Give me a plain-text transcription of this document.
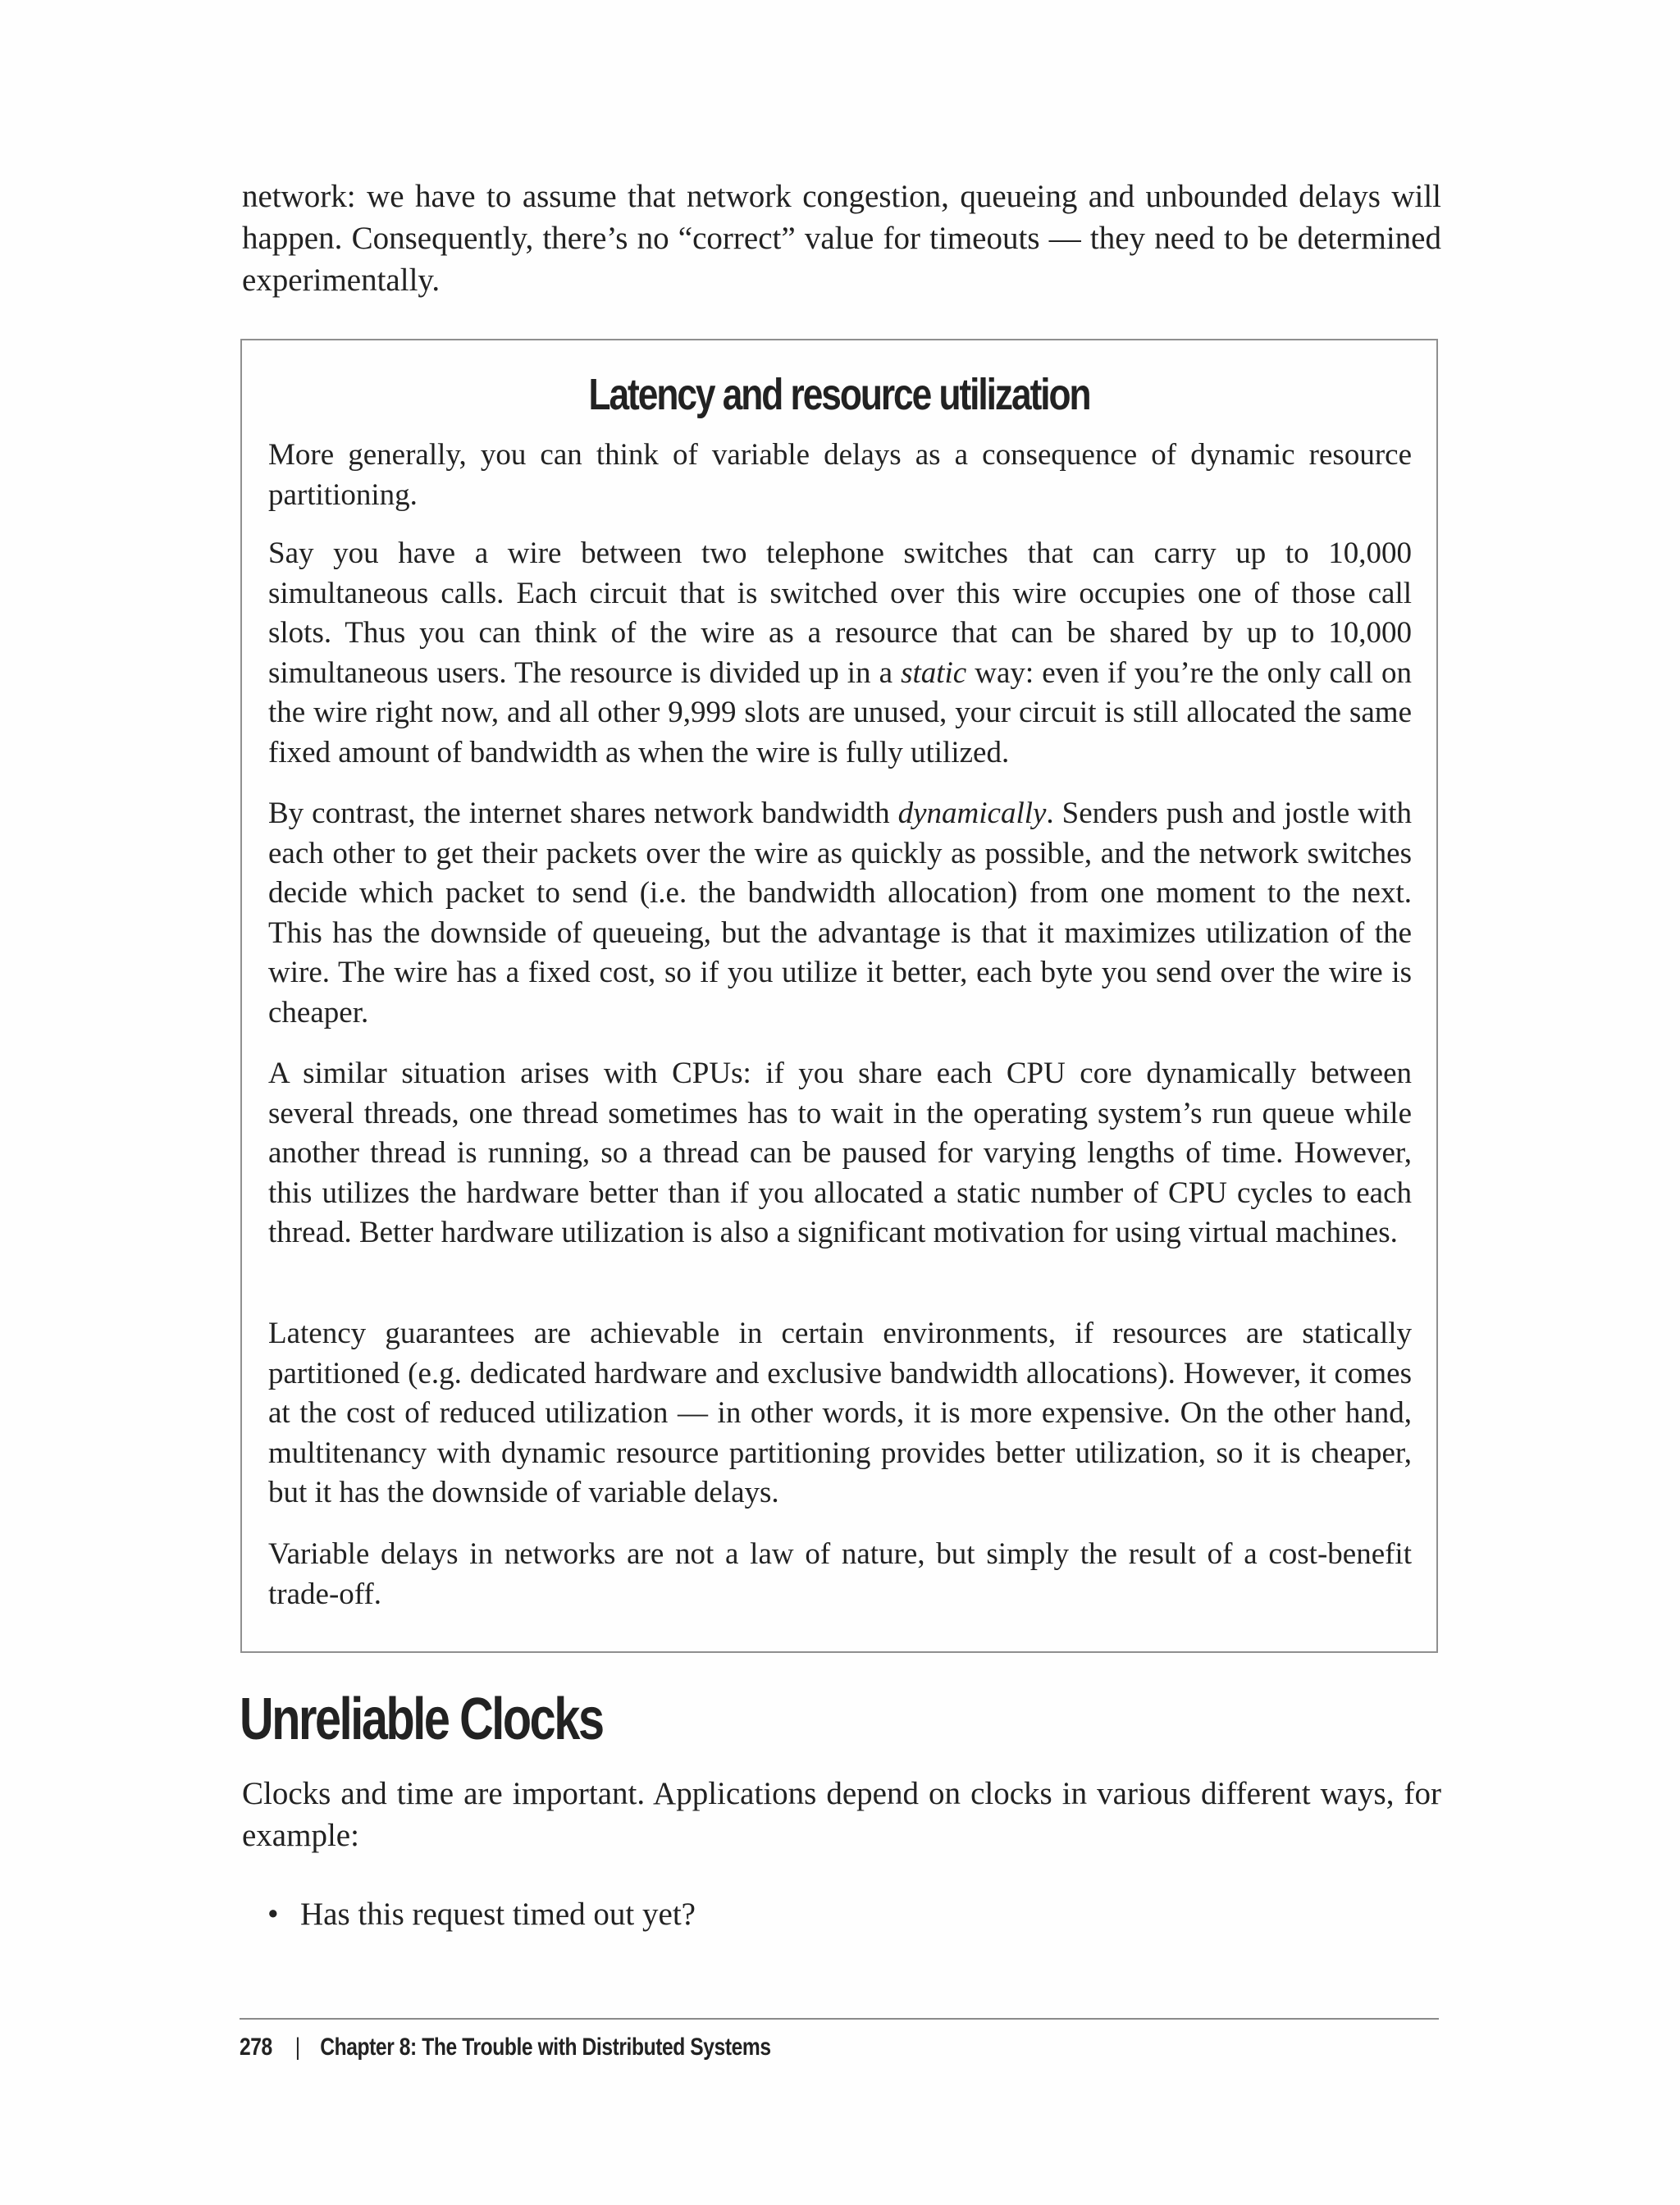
network: we have to assume that network congestion, queueing and unbounded delays will happen. Consequently, there’s no “correct” value for timeouts — they need to be determined experimentally.

Latency and resource utilization

More generally, you can think of variable delays as a consequence of dynamic resource partitioning.

Say you have a wire between two telephone switches that can carry up to 10,000 simultaneous calls. Each circuit that is switched over this wire occupies one of those call slots. Thus you can think of the wire as a resource that can be shared by up to 10,000 simultaneous users. The resource is divided up in a static way: even if you’re the only call on the wire right now, and all other 9,999 slots are unused, your circuit is still allocated the same fixed amount of bandwidth as when the wire is fully utilized.

By contrast, the internet shares network bandwidth dynamically. Senders push and jostle with each other to get their packets over the wire as quickly as possible, and the network switches decide which packet to send (i.e. the bandwidth allocation) from one moment to the next. This has the downside of queueing, but the advantage is that it maximizes utilization of the wire. The wire has a fixed cost, so if you utilize it better, each byte you send over the wire is cheaper.

A similar situation arises with CPUs: if you share each CPU core dynamically between several threads, one thread sometimes has to wait in the operating system’s run queue while another thread is running, so a thread can be paused for varying lengths of time. However, this utilizes the hardware better than if you allocated a static number of CPU cycles to each thread. Better hardware utilization is also a significant motivation for using virtual machines.

Latency guarantees are achievable in certain environments, if resources are statically partitioned (e.g. dedicated hardware and exclusive bandwidth allocations). However, it comes at the cost of reduced utilization — in other words, it is more expensive. On the other hand, multitenancy with dynamic resource partitioning provides better utilization, so it is cheaper, but it has the downside of variable delays.

Variable delays in networks are not a law of nature, but simply the result of a cost-benefit trade-off.

Unreliable Clocks

Clocks and time are important. Applications depend on clocks in various different ways, for example:

• Has this request timed out yet?
278 | Chapter 8: The Trouble with Distributed Systems
